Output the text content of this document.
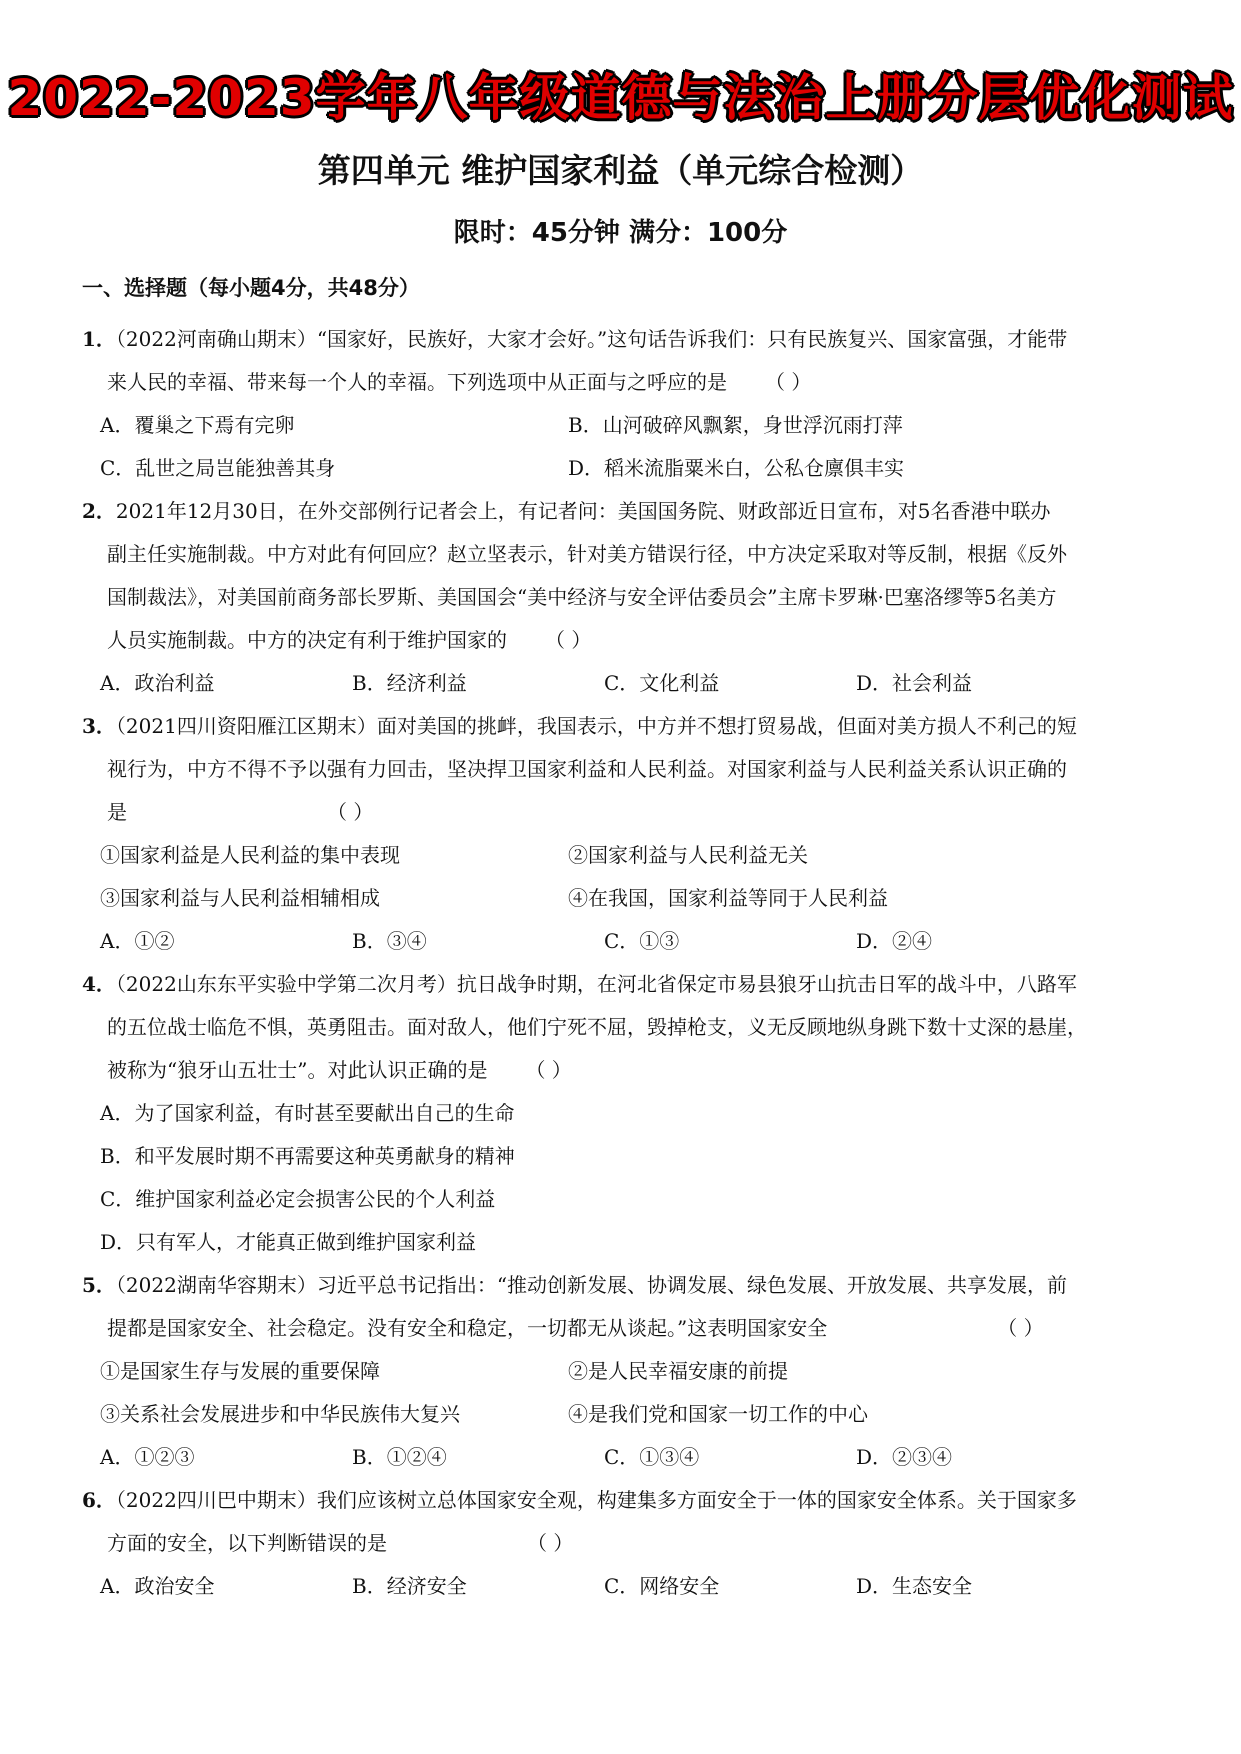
2022-2023学年八年级道德与法治上册分层优化测试
第四单元 维护国家利益（单元综合检测）
限时：45分钟 满分：100分
一、选择题（每小题4分，共48分）
1．（2022河南确山期末）“国家好，民族好，大家才会好。”这句话告诉我们：只有民族复兴、国家富强，才能带
来人民的幸福、带来每一个人的幸福。下列选项中从正面与之呼应的是 （ ）
A．覆巢之下焉有完卵	B．山河破碎风飘絮，身世浮沉雨打萍
C．乱世之局岂能独善其身	D．稻米流脂粟米白，公私仓廪俱丰实
2．2021年12月30日，在外交部例行记者会上，有记者问：美国国务院、财政部近日宣布，对5名香港中联办
副主任实施制裁。中方对此有何回应？赵立坚表示，针对美方错误行径，中方决定采取对等反制，根据《反外
国制裁法》，对美国前商务部长罗斯、美国国会“美中经济与安全评估委员会”主席卡罗琳·巴塞洛缪等5名美方
人员实施制裁。中方的决定有利于维护国家的 （ ）
A．政治利益	B．经济利益	C．文化利益	D．社会利益
3．（2021四川资阳雁江区期末）面对美国的挑衅，我国表示，中方并不想打贸易战，但面对美方损人不利己的短
视行为，中方不得不予以强有力回击，坚决捍卫国家利益和人民利益。对国家利益与人民利益关系认识正确的
是	（ ）
①国家利益是人民利益的集中表现	②国家利益与人民利益无关
③国家利益与人民利益相辅相成	④在我国，国家利益等同于人民利益
A．①②	B．③④	C．①③	D．②④
4．（2022山东东平实验中学第二次月考）抗日战争时期，在河北省保定市易县狼牙山抗击日军的战斗中，八路军
的五位战士临危不惧，英勇阻击。面对敌人，他们宁死不屈，毁掉枪支，义无反顾地纵身跳下数十丈深的悬崖，
被称为“狼牙山五壮士”。对此认识正确的是 （ ）
A．为了国家利益，有时甚至要献出自己的生命
B．和平发展时期不再需要这种英勇献身的精神
C．维护国家利益必定会损害公民的个人利益
D．只有军人，才能真正做到维护国家利益
5．（2022湖南华容期末）习近平总书记指出：“推动创新发展、协调发展、绿色发展、开放发展、共享发展，前
提都是国家安全、社会稳定。没有安全和稳定，一切都无从谈起。”这表明国家安全	（ ）
①是国家生存与发展的重要保障	②是人民幸福安康的前提
③关系社会发展进步和中华民族伟大复兴	④是我们党和国家一切工作的中心
A．①②③	B．①②④	C．①③④	D．②③④
6．（2022四川巴中期末）我们应该树立总体国家安全观，构建集多方面安全于一体的国家安全体系。关于国家多
方面的安全，以下判断错误的是	（ ）
A．政治安全	B．经济安全	C．网络安全	D．生态安全
